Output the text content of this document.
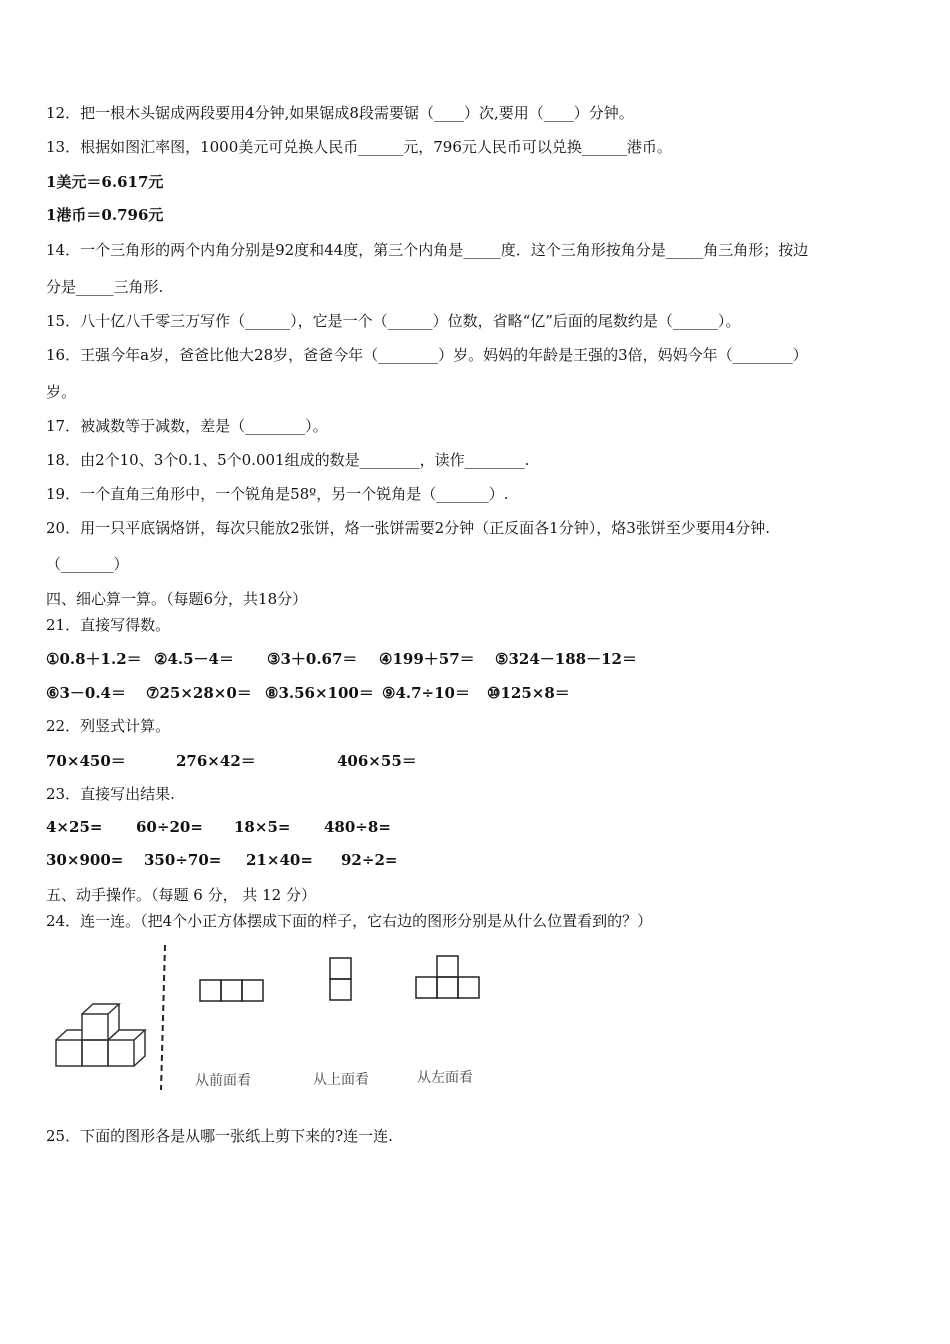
12．把一根木头锯成两段要用4分钟,如果锯成8段需要锯（____）次,要用（____）分钟。
13．根据如图汇率图，1000美元可兑换人民币______元，796元人民币可以兑换______港币。
1美元＝6.617元
1港币＝0.796元
14．一个三角形的两个内角分别是92度和44度，第三个内角是_____度．这个三角形按角分是_____角三角形；按边
分是_____三角形.
15．八十亿八千零三万写作（______），它是一个（______）位数，省略“亿”后面的尾数约是（______）。
16．王强今年a岁，爸爸比他大28岁，爸爸今年（________）岁。妈妈的年龄是王强的3倍，妈妈今年（________）
岁。
17．被减数等于减数，差是（________）。
18．由2个10、3个0.1、5个0.001组成的数是________，读作________.
19．一个直角三角形中，一个锐角是58º，另一个锐角是（_______）.
20．用一只平底锅烙饼，每次只能放2张饼，烙一张饼需要2分钟（正反面各1分钟），烙3张饼至少要用4分钟.
（_______）
四、细心算一算。（每题6分，共18分）
21．直接写得数。
①0.8＋1.2＝ ②4.5－4＝ ③3＋0.67＝ ④199＋57＝ ⑤324－188－12＝
⑥3－0.4＝ ⑦25×28×0＝ ⑧3.56×100＝ ⑨4.7÷10＝ ⑩125×8＝
22．列竖式计算。
70×450＝	276×42＝	406×55＝
23．直接写出结果.
4×25= 60÷20= 18×5= 480÷8=
30×900= 350÷70= 21×40= 92÷2=
五、动手操作。（每题 6 分， 共 12 分）
24．连一连。（把4个小正方体摆成下面的样子，它右边的图形分别是从什么位置看到的？）
从前面看	从上面看	从左面看
25．下面的图形各是从哪一张纸上剪下来的?连一连.
